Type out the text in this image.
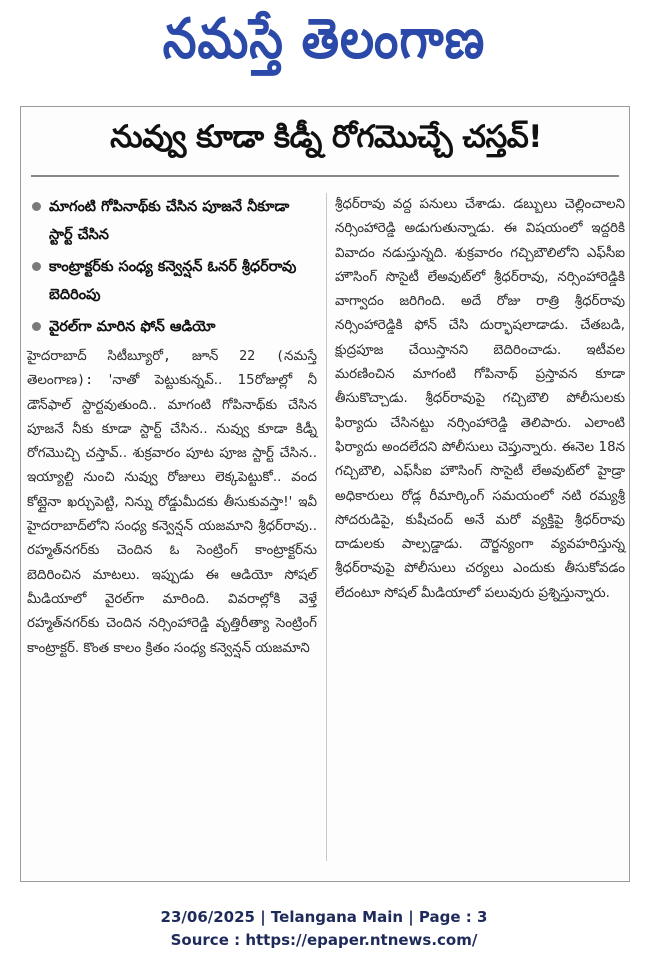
నమస్తే తెలంగాణ
నువ్వు కూడా కిడ్నీ రోగమొచ్చే చస్తవ్!
మాగంటి గోపినాథ్‌కు చేసిన పూజనే నీకూడా స్టార్ట్ చేసిన
కాంట్రాక్టర్‌కు సంధ్య కన్వెన్షన్ ఓనర్ శ్రీధర్‌రావు బెదిరింపు
వైరల్‌గా మారిన ఫోన్ ఆడియో

హైదరాబాద్ సిటీబ్యూరో, జూన్ 22 (నమస్తే తెలంగాణ): 'నాతో పెట్టుకున్నవ్.. 15రోజుల్లో నీ డౌన్‌ఫాల్ స్టార్టవుతుంది.. మాగంటి గోపినాథ్‌కు చేసిన పూజనే నీకు కూడా స్టార్ట్ చేసిన.. నువ్వు కూడా కిడ్నీ రోగమొచ్చి చస్తావ్.. శుక్రవారం పూట పూజ స్టార్ట్ చేసిన.. ఇయ్యాల్టి నుంచి నువ్వు రోజులు లెక్కపెట్టుకో.. వంద కోట్లైనా ఖర్చుపెట్టి, నిన్ను రోడ్డుమీదకు తీసుకువస్తా!' ఇవీ హైదరాబాద్‌లోని సంధ్య కన్వెన్షన్ యజమాని శ్రీధర్‌రావు.. రహ్మత్‌నగర్‌కు చెందిన ఓ సెంట్రింగ్ కాంట్రాక్టర్‌ను బెదిరించిన మాటలు. ఇప్పుడు ఈ ఆడియో సోషల్ మీడియాలో వైరల్‌గా మారింది. వివరాల్లోకి వెళ్తే రహ్మత్‌నగర్‌కు చెందిన నర్సింహారెడ్డి వృత్తిరీత్యా సెంట్రింగ్ కాంట్రాక్టర్. కొంత కాలం క్రితం సంధ్య కన్వెన్షన్ యజమాని

శ్రీధర్‌రావు వద్ద పనులు చేశాడు. డబ్బులు చెల్లించాలని నర్సింహారెడ్డి అడుగుతున్నాడు. ఈ విషయంలో ఇద్దరికి వివాదం నడుస్తున్నది. శుక్రవారం గచ్చిబౌలిలోని ఎఫ్‌సీఐ హౌసింగ్ సొసైటీ లేఅవుట్‌లో శ్రీధర్‌రావు, నర్సింహారెడ్డికి వాగ్వాదం జరిగింది. అదే రోజు రాత్రి శ్రీధర్‌రావు నర్సింహారెడ్డికి ఫోన్ చేసి దుర్భాషలాడాడు. చేతబడి, క్షుద్రపూజ చేయిస్తానని బెదిరించాడు. ఇటీవల మరణించిన మాగంటి గోపినాథ్ ప్రస్తావన కూడా తీసుకొచ్చాడు. శ్రీధర్‌రావుపై గచ్చిబౌలి పోలీసులకు ఫిర్యాదు చేసినట్టు నర్సింహారెడ్డి తెలిపారు. ఎలాంటి ఫిర్యాదు అందలేదని పోలీసులు చెప్తున్నారు. ఈనెల 18న గచ్చిబౌలి, ఎఫ్‌సీఐ హౌసింగ్ సొసైటీ లేఅవుట్‌లో హైడ్రా అధికారులు రోడ్ల రీమార్కింగ్ సమయంలో నటి రమ్యశ్రీ సోదరుడిపై, కుషీచంద్ అనే మరో వ్యక్తిపై శ్రీధర్‌రావు దాడులకు పాల్పడ్డాడు. దౌర్జన్యంగా వ్యవహరిస్తున్న శ్రీధర్‌రావుపై పోలీసులు చర్యలు ఎందుకు తీసుకోవడం లేదంటూ సోషల్ మీడియాలో పలువురు ప్రశ్నిస్తున్నారు.

23/06/2025 | Telangana Main | Page : 3
Source : https://epaper.ntnews.com/
